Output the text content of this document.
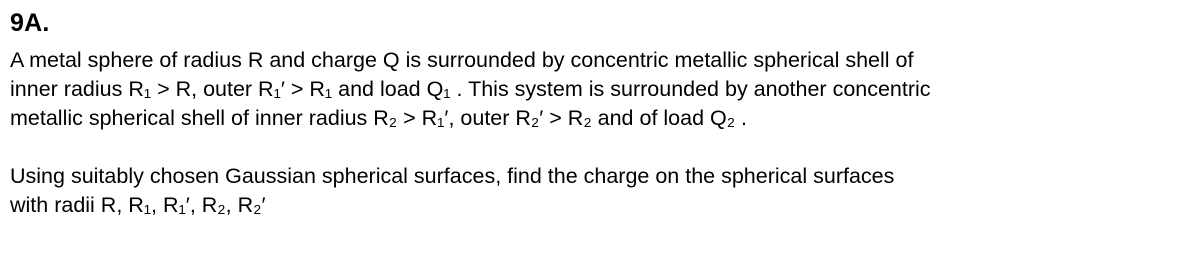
9A.

A metal sphere of radius R and charge Q is surrounded by concentric metallic spherical shell of
inner radius R₁ > R, outer R₁′ > R₁ and load Q₁ . This system is surrounded by another concentric
metallic spherical shell of inner radius R₂ > R₁′, outer R₂′ > R₂ and of load Q₂ .

Using suitably chosen Gaussian spherical surfaces, find the charge on the spherical surfaces
with radii R, R₁, R₁′, R₂, R₂′
